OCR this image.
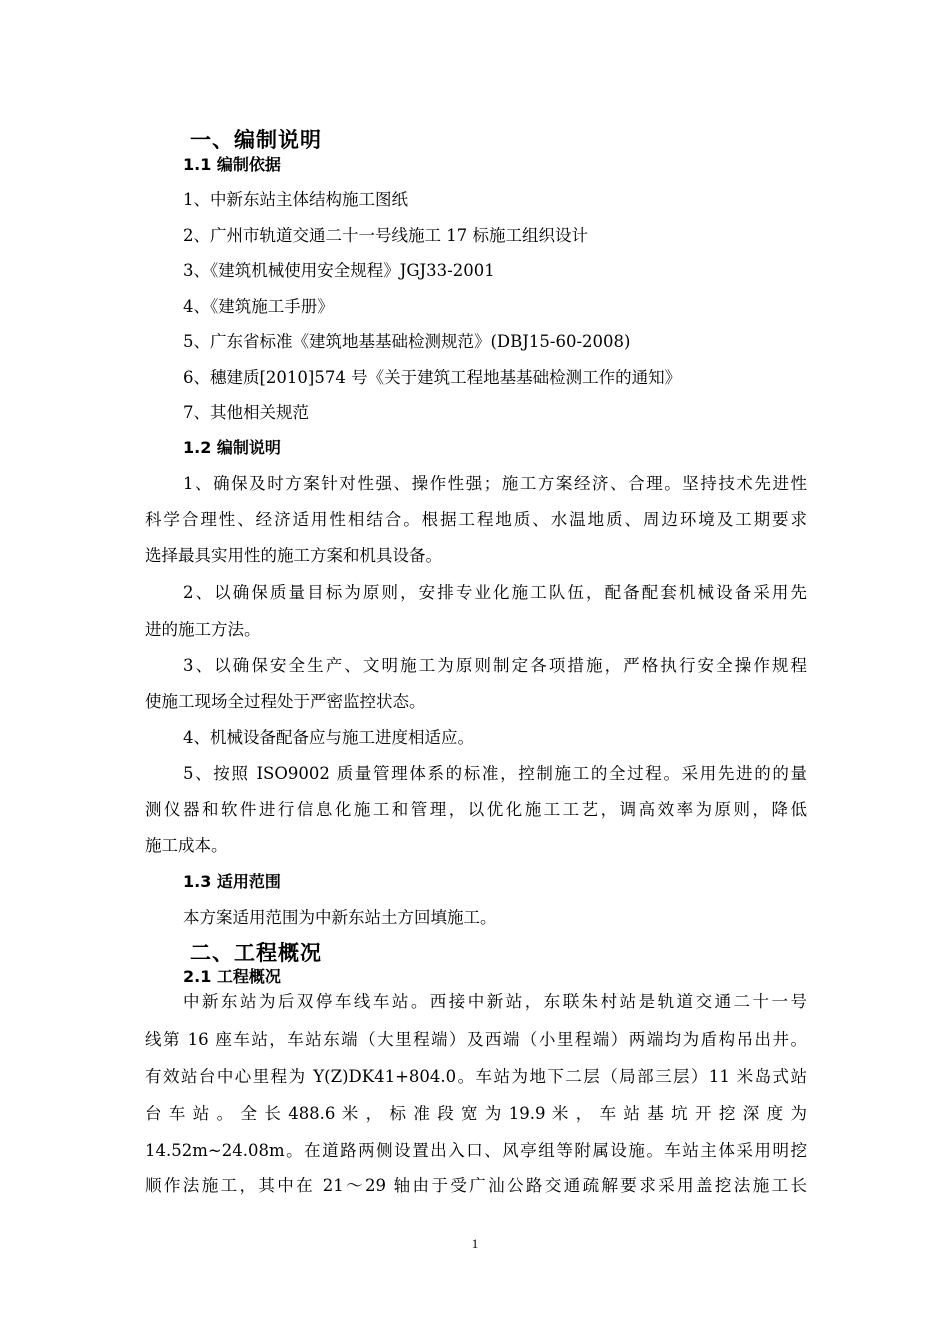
一、编制说明
1.1 编制依据
1、中新东站主体结构施工图纸
2、广州市轨道交通二十一号线施工 17 标施工组织设计
3、《建筑机械使用安全规程》JGJ33-2001
4、《建筑施工手册》
5、广东省标准《建筑地基基础检测规范》(DBJ15-60-2008)
6、穗建质[2010]574 号《关于建筑工程地基基础检测工作的通知》
7、其他相关规范
1.2 编制说明
1、确保及时方案针对性强、操作性强；施工方案经济、合理。坚持技术先进性
科学合理性、经济适用性相结合。根据工程地质、水温地质、周边环境及工期要求
选择最具实用性的施工方案和机具设备。
2、以确保质量目标为原则，安排专业化施工队伍，配备配套机械设备采用先
进的施工方法。
3、以确保安全生产、文明施工为原则制定各项措施，严格执行安全操作规程
使施工现场全过程处于严密监控状态。
4、机械设备配备应与施工进度相适应。
5、按照 ISO9002 质量管理体系的标准，控制施工的全过程。采用先进的的量
测仪器和软件进行信息化施工和管理，以优化施工工艺，调高效率为原则，降低
施工成本。
1.3 适用范围
本方案适用范围为中新东站土方回填施工。
二、工程概况
2.1 工程概况
中新东站为后双停车线车站。西接中新站，东联朱村站是轨道交通二十一号
线第 16 座车站，车站东端（大里程端）及西端（小里程端）两端均为盾构吊出井。
有效站台中心里程为 Y(Z)DK41+804.0。车站为地下二层（局部三层）11 米岛式站
台 车 站 。 全 长 488.6 米 ， 标 准 段 宽 为 19.9 米 ， 车 站 基 坑 开 挖 深 度 为
14.52m~24.08m。在道路两侧设置出入口、风亭组等附属设施。车站主体采用明挖
顺作法施工，其中在 21～29 轴由于受广汕公路交通疏解要求采用盖挖法施工长
1
